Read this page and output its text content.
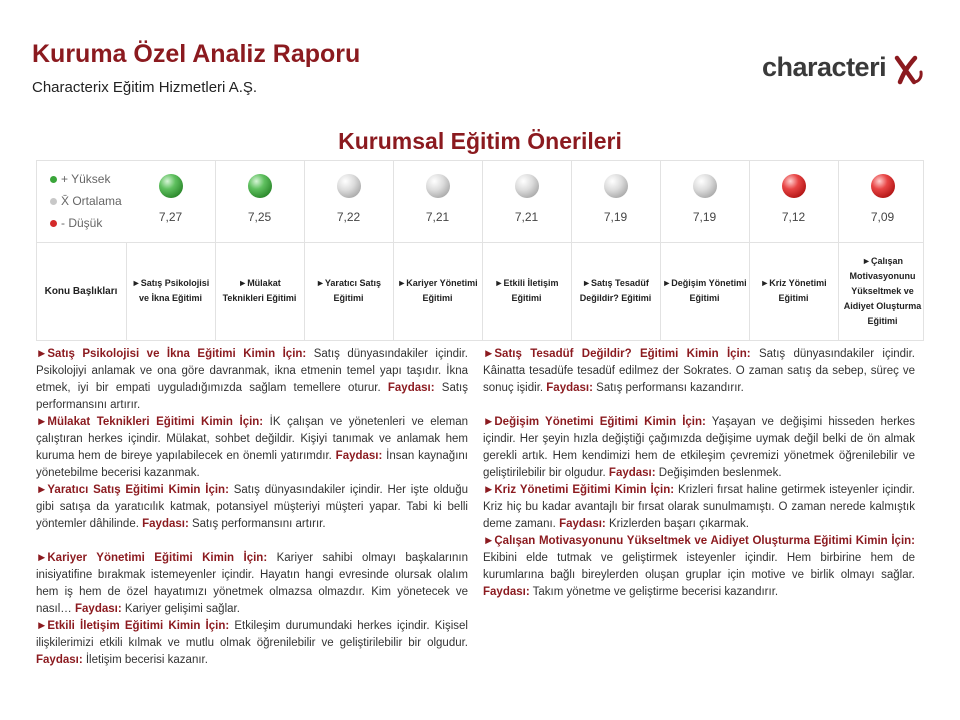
Kuruma Özel Analiz Raporu
Characterix Eğitim Hizmetleri A.Ş.
characteri
Kurumsal Eğitim Önerileri
+ Yüksek
X̄ Ortalama
- Düşük
Konu Başlıkları
7,27
►Satış Psikolojisi ve İkna Eğitimi
7,25
►Mülakat Teknikleri Eğitimi
7,22
►Yaratıcı Satış Eğitimi
7,21
►Kariyer Yönetimi Eğitimi
7,21
►Etkili İletişim Eğitimi
7,19
►Satış Tesadüf Değildir? Eğitimi
7,19
►Değişim Yönetimi Eğitimi
7,12
►Kriz Yönetimi Eğitimi
7,09
►Çalışan Motivasyonunu Yükseltmek ve Aidiyet Oluşturma Eğitimi
►Satış Psikolojisi ve İkna Eğitimi Kimin İçin: Satış dünyasındakiler içindir. Psikolojiyi anlamak ve ona göre davranmak, ikna etmenin temel yapı taşıdır. İkna etmek, iyi bir empati uyguladığımızda sağlam temellere oturur. Faydası: Satış performansını artırır.
►Mülakat Teknikleri Eğitimi Kimin İçin: İK çalışan ve yönetenleri ve eleman çalıştıran herkes içindir. Mülakat, sohbet değildir. Kişiyi tanımak ve anlamak hem kuruma hem de bireye yapılabilecek en önemli yatırımdır. Faydası: İnsan kaynağını yönetebilme becerisi kazanmak.
►Yaratıcı Satış Eğitimi Kimin İçin: Satış dünyasındakiler içindir. Her işte olduğu gibi satışa da yaratıcılık katmak, potansiyel müşteriyi müşteri yapar. Tabi ki belli yöntemler dâhilinde. Faydası: Satış performansını artırır.
►Kariyer Yönetimi Eğitimi Kimin İçin: Kariyer sahibi olmayı başkalarının inisiyatifine bırakmak istemeyenler içindir. Hayatın hangi evresinde olursak olalım hem iş hem de özel hayatımızı yönetmek olmazsa olmazdır. Kim yönetecek ve nasıl… Faydası: Kariyer gelişimi sağlar.
►Etkili İletişim Eğitimi Kimin İçin: Etkileşim durumundaki herkes içindir. Kişisel ilişkilerimizi etkili kılmak ve mutlu olmak öğrenilebilir ve geliştirilebilir bir olgudur. Faydası: İletişim becerisi kazanır.
►Satış Tesadüf Değildir? Eğitimi Kimin İçin: Satış dünyasındakiler içindir. Kâinatta tesadüfe tesadüf edilmez der Sokrates. O zaman satış da sebep, süreç ve sonuç işidir. Faydası: Satış performansı kazandırır.
►Değişim Yönetimi Eğitimi Kimin İçin: Yaşayan ve değişimi hisseden herkes içindir. Her şeyin hızla değiştiği çağımızda değişime uymak değil belki de ön almak gerekli artık. Hem kendimizi hem de etkileşim çevremizi yönetmek öğrenilebilir ve geliştirilebilir bir olgudur. Faydası: Değişimden beslenmek.
►Kriz Yönetimi Eğitimi Kimin İçin: Krizleri fırsat haline getirmek isteyenler içindir. Kriz hiç bu kadar avantajlı bir fırsat olarak sunulmamıştı. O zaman nerede kalmıştık deme zamanı. Faydası: Krizlerden başarı çıkarmak.
►Çalışan Motivasyonunu Yükseltmek ve Aidiyet Oluşturma Eğitimi Kimin İçin: Ekibini elde tutmak ve geliştirmek isteyenler içindir. Hem birbirine hem de kurumlarına bağlı bireylerden oluşan gruplar için motive ve birlik olmayı sağlar. Faydası: Takım yönetme ve geliştirme becerisi kazandırır.
